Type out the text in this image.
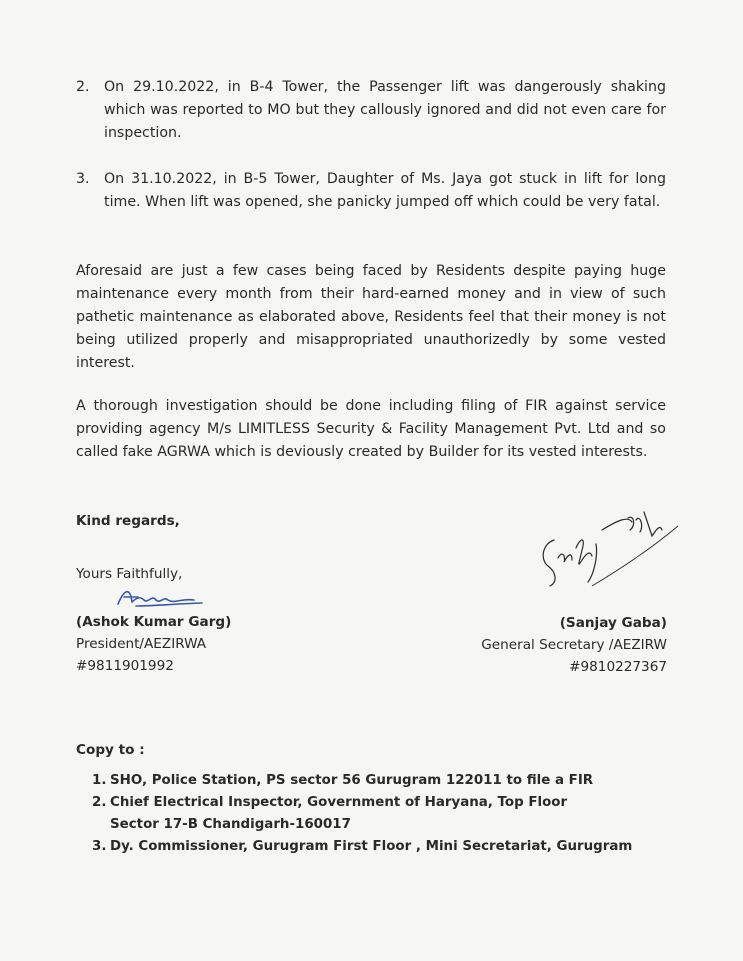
2. On 29.10.2022, in B-4 Tower, the Passenger lift was dangerously shaking which was reported to MO but they callously ignored and did not even care for inspection.
3. On 31.10.2022, in B-5 Tower, Daughter of Ms. Jaya got stuck in lift for long time. When lift was opened, she panicky jumped off which could be very fatal.
Aforesaid are just a few cases being faced by Residents despite paying huge maintenance every month from their hard-earned money and in view of such pathetic maintenance as elaborated above, Residents feel that their money is not being utilized properly and misappropriated unauthorizedly by some vested interest.
A thorough investigation should be done including filing of FIR against service providing agency M/s LIMITLESS Security & Facility Management Pvt. Ltd and so called fake AGRWA which is deviously created by Builder for its vested interests.
Kind regards,
Yours Faithfully,
(Ashok Kumar Garg)
President/AEZIRWA
#9811901992
(Sanjay Gaba)
General Secretary /AEZIRW
#9810227367
Copy to :
1. SHO, Police Station, PS sector 56 Gurugram 122011 to file a FIR
2. Chief Electrical Inspector, Government of Haryana, Top Floor Sector 17-B Chandigarh-160017
3. Dy. Commissioner, Gurugram First Floor , Mini Secretariat, Gurugram
